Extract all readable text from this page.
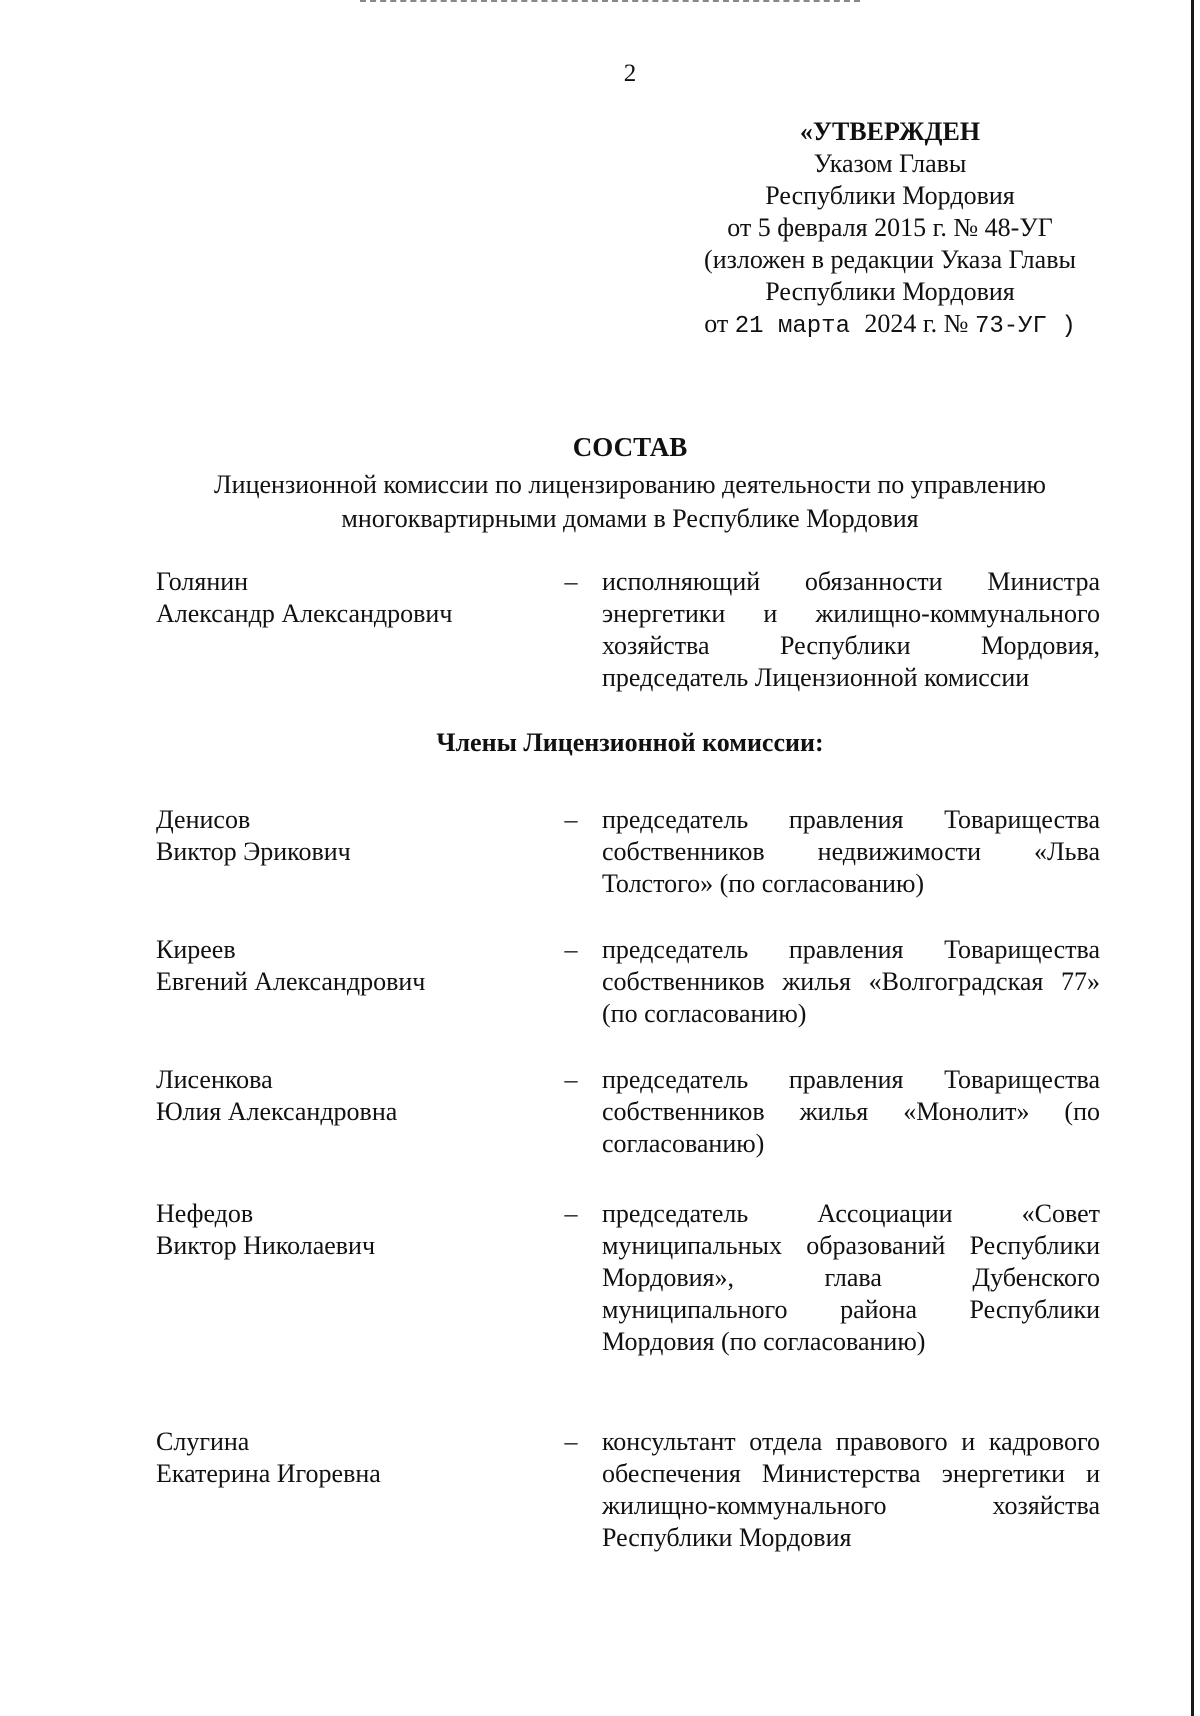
2
«УТВЕРЖДЕН
Указом Главы
Республики Мордовия
от 5 февраля 2015 г. № 48-УГ
(изложен в редакции Указа Главы
Республики Мордовия
от 21 марта 2024 г. № 73-УГ )
СОСТАВ
Лицензионной комиссии по лицензированию деятельности по управлению
многоквартирными домами в Республике Мордовия
Голянин
Александр Александрович
– исполняющий обязанности Министра энергетики и жилищно-коммунального хозяйства Республики Мордовия, председатель Лицензионной комиссии
Члены Лицензионной комиссии:
Денисов
Виктор Эрикович
– председатель правления Товарищества собственников недвижимости «Льва Толстого» (по согласованию)
Киреев
Евгений Александрович
– председатель правления Товарищества собственников жилья «Волгоградская 77» (по согласованию)
Лисенкова
Юлия Александровна
– председатель правления Товарищества собственников жилья «Монолит» (по согласованию)
Нефедов
Виктор Николаевич
– председатель Ассоциации «Совет муниципальных образований Республики Мордовия», глава Дубенского муниципального района Республики Мордовия (по согласованию)
Слугина
Екатерина Игоревна
– консультант отдела правового и кадрового обеспечения Министерства энергетики и жилищно-коммунального хозяйства Республики Мордовия
